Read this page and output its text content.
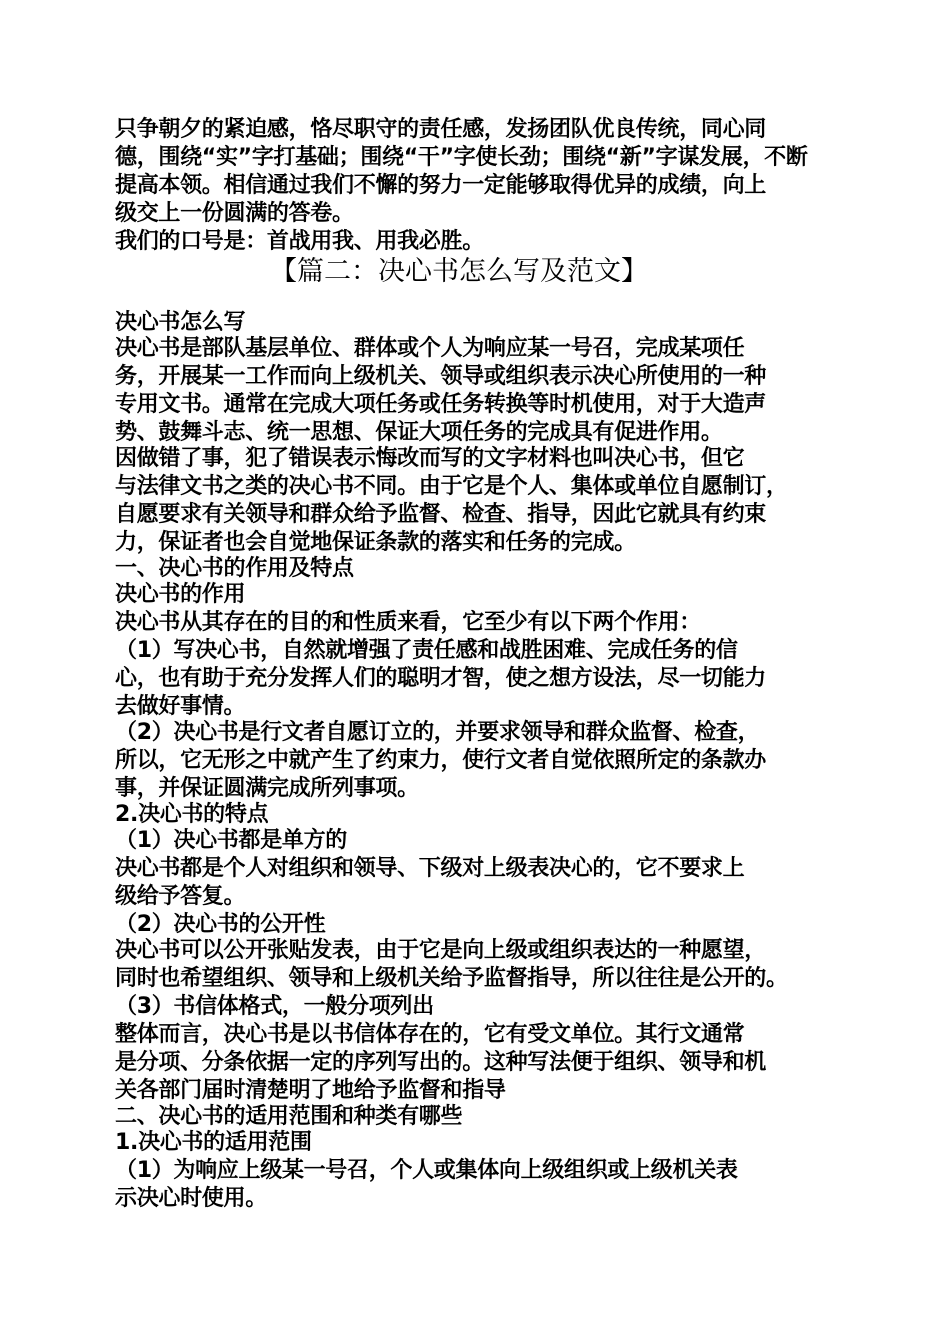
只争朝夕的紧迫感，恪尽职守的责任感，发扬团队优良传统，同心同
德，围绕“实”字打基础；围绕“干”字使长劲；围绕“新”字谋发展，不断
提高本领。相信通过我们不懈的努力一定能够取得优异的成绩，向上
级交上一份圆满的答卷。
我们的口号是：首战用我、用我必胜。
【篇二：决心书怎么写及范文】
决心书怎么写
决心书是部队基层单位、群体或个人为响应某一号召，完成某项任
务，开展某一工作而向上级机关、领导或组织表示决心所使用的一种
专用文书。通常在完成大项任务或任务转换等时机使用，对于大造声
势、鼓舞斗志、统一思想、保证大项任务的完成具有促进作用。
因做错了事，犯了错误表示悔改而写的文字材料也叫决心书，但它
与法律文书之类的决心书不同。由于它是个人、集体或单位自愿制订，
自愿要求有关领导和群众给予监督、检查、指导，因此它就具有约束
力，保证者也会自觉地保证条款的落实和任务的完成。
一、决心书的作用及特点
决心书的作用
决心书从其存在的目的和性质来看，它至少有以下两个作用：
（1）写决心书，自然就增强了责任感和战胜困难、完成任务的信
心，也有助于充分发挥人们的聪明才智，使之想方设法，尽一切能力
去做好事情。
（2）决心书是行文者自愿订立的，并要求领导和群众监督、检查，
所以，它无形之中就产生了约束力，使行文者自觉依照所定的条款办
事，并保证圆满完成所列事项。
2.决心书的特点
（1）决心书都是单方的
决心书都是个人对组织和领导、下级对上级表决心的，它不要求上
级给予答复。
（2）决心书的公开性
决心书可以公开张贴发表，由于它是向上级或组织表达的一种愿望，
同时也希望组织、领导和上级机关给予监督指导，所以往往是公开的。
（3）书信体格式，一般分项列出
整体而言，决心书是以书信体存在的，它有受文单位。其行文通常
是分项、分条依据一定的序列写出的。这种写法便于组织、领导和机
关各部门届时清楚明了地给予监督和指导
二、决心书的适用范围和种类有哪些
1.决心书的适用范围
（1）为响应上级某一号召，个人或集体向上级组织或上级机关表
示决心时使用。
